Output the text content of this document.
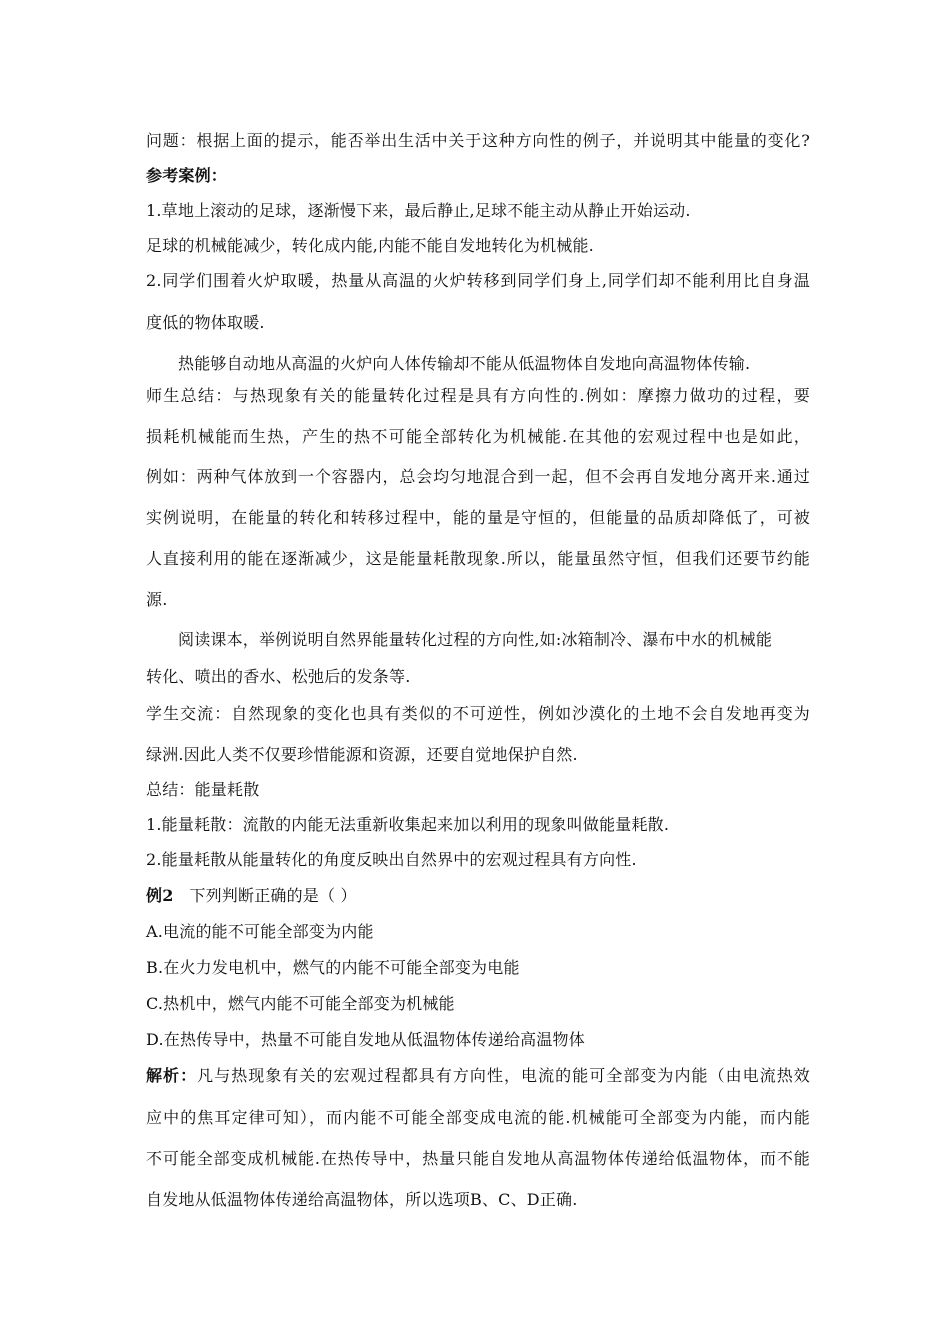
问题：根据上面的提示，能否举出生活中关于这种方向性的例子，并说明其中能量的变化?
参考案例：
1.草地上滚动的足球，逐渐慢下来，最后静止,足球不能主动从静止开始运动.
足球的机械能减少，转化成内能,内能不能自发地转化为机械能.
2.同学们围着火炉取暖，热量从高温的火炉转移到同学们身上,同学们却不能利用比自身温
度低的物体取暖.
热能够自动地从高温的火炉向人体传输却不能从低温物体自发地向高温物体传输.
师生总结：与热现象有关的能量转化过程是具有方向性的.例如：摩擦力做功的过程，要
损耗机械能而生热，产生的热不可能全部转化为机械能.在其他的宏观过程中也是如此，
例如：两种气体放到一个容器内，总会均匀地混合到一起，但不会再自发地分离开来.通过
实例说明，在能量的转化和转移过程中，能的量是守恒的，但能量的品质却降低了，可被
人直接利用的能在逐渐减少，这是能量耗散现象.所以，能量虽然守恒，但我们还要节约能
源.
阅读课本，举例说明自然界能量转化过程的方向性,如:冰箱制冷、瀑布中水的机械能
转化、喷出的香水、松弛后的发条等.
学生交流：自然现象的变化也具有类似的不可逆性，例如沙漠化的土地不会自发地再变为
绿洲.因此人类不仅要珍惜能源和资源，还要自觉地保护自然.
总结：能量耗散
1.能量耗散：流散的内能无法重新收集起来加以利用的现象叫做能量耗散.
2.能量耗散从能量转化的角度反映出自然界中的宏观过程具有方向性.
例2 下列判断正确的是（ ）
A.电流的能不可能全部变为内能
B.在火力发电机中，燃气的内能不可能全部变为电能
C.热机中，燃气内能不可能全部变为机械能
D.在热传导中，热量不可能自发地从低温物体传递给高温物体
解析：凡与热现象有关的宏观过程都具有方向性，电流的能可全部变为内能（由电流热效
应中的焦耳定律可知），而内能不可能全部变成电流的能.机械能可全部变为内能，而内能
不可能全部变成机械能.在热传导中，热量只能自发地从高温物体传递给低温物体，而不能
自发地从低温物体传递给高温物体，所以选项B、C、D正确.
